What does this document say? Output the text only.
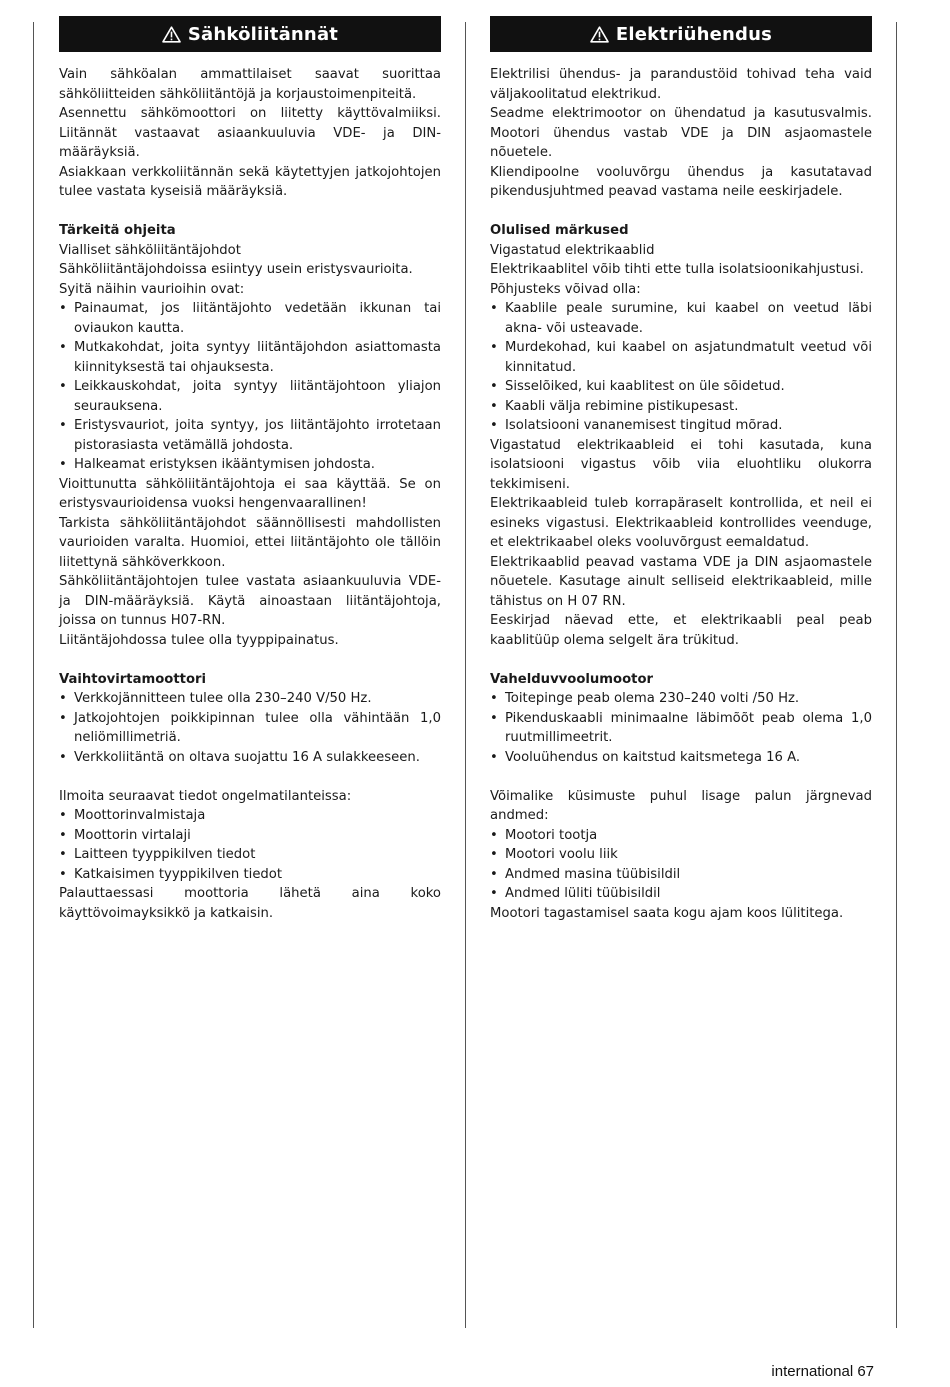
Sähköliitännät

Vain sähköalan ammattilaiset saavat suorittaa sähköliitteiden sähköliitäntöjä ja korjaustoimenpiteitä.

Asennettu sähkömoottori on liitetty käyttövalmiiksi. Liitännät vastaavat asiaankuuluvia VDE- ja DIN-määräyksiä.

Asiakkaan verkkoliitännän sekä käytettyjen jatkojohtojen tulee vastata kyseisiä määräyksiä.

Tärkeitä ohjeita

Vialliset sähköliitäntäjohdot

Sähköliitäntäjohdoissa esiintyy usein eristysvaurioita.

Syitä näihin vaurioihin ovat:

• Painaumat, jos liitäntäjohto vedetään ikkunan tai oviaukon kautta.
• Mutkakohdat, joita syntyy liitäntäjohdon asiattomasta kiinnityksestä tai ohjauksesta.
• Leikkauskohdat, joita syntyy liitäntäjohtoon yliajon seurauksena.
• Eristysvauriot, joita syntyy, jos liitäntäjohto irrotetaan pistorasiasta vetämällä johdosta.
• Halkeamat eristyksen ikääntymisen johdosta.

Vioittunutta sähköliitäntäjohtoja ei saa käyttää. Se on eristysvaurioidensa vuoksi hengenvaarallinen!

Tarkista sähköliitäntäjohdot säännöllisesti mahdollisten vaurioiden varalta. Huomioi, ettei liitäntäjohto ole tällöin liitettynä sähköverkkoon.

Sähköliitäntäjohtojen tulee vastata asiaankuuluvia VDE- ja DIN-määräyksiä. Käytä ainoastaan liitäntäjohtoja, joissa on tunnus H07-RN.

Liitäntäjohdossa tulee olla tyyppipainatus.

Vaihtovirtamoottori

• Verkkojännitteen tulee olla 230–240 V/50 Hz.
• Jatkojohtojen poikkipinnan tulee olla vähintään 1,0 neliömillimetriä.
• Verkkoliitäntä on oltava suojattu 16 A sulakkeeseen.

Ilmoita seuraavat tiedot ongelmatilanteissa:

• Moottorinvalmistaja
• Moottorin virtalaji
• Laitteen tyyppikilven tiedot
• Katkaisimen tyyppikilven tiedot

Palauttaessasi moottoria lähetä aina koko käyttövoimayksikkö ja katkaisin.

Elektriühendus

Elektrilisi ühendus- ja parandustöid tohivad teha vaid väljakoolitatud elektrikud.

Seadme elektrimootor on ühendatud ja kasutusvalmis. Mootori ühendus vastab VDE ja DIN asjaomastele nõuetele.

Kliendipoolne vooluvõrgu ühendus ja kasutatavad pikendusjuhtmed peavad vastama neile eeskirjadele.

Olulised märkused

Vigastatud elektrikaablid

Elektrikaablitel võib tihti ette tulla isolatsioonikahjustusi.

Põhjusteks võivad olla:

• Kaablile peale surumine, kui kaabel on veetud läbi akna- või usteavade.
• Murdekohad, kui kaabel on asjatundmatult veetud või kinnitatud.
• Sisselõiked, kui kaablitest on üle sõidetud.
• Kaabli välja rebimine pistikupesast.
• Isolatsiooni vananemisest tingitud mõrad.

Vigastatud elektrikaableid ei tohi kasutada, kuna isolatsiooni vigastus võib viia eluohtliku olukorra tekkimiseni.

Elektrikaableid tuleb korrapäraselt kontrollida, et neil ei esineks vigastusi. Elektrikaableid kontrollides veenduge, et elektrikaabel oleks vooluvõrgust eemaldatud.

Elektrikaablid peavad vastama VDE ja DIN asjaomastele nõuetele. Kasutage ainult selliseid elektrikaableid, mille tähistus on H 07 RN.

Eeskirjad näevad ette, et elektrikaabli peal peab kaablitüüp olema selgelt ära trükitud.

Vahelduvvoolumootor

• Toitepinge peab olema 230–240 volti /50 Hz.
• Pikenduskaabli minimaalne läbimõõt peab olema 1,0 ruutmillimeetrit.
• Vooluühendus on kaitstud kaitsmetega 16 A.

Võimalike küsimuste puhul lisage palun järgnevad andmed:

• Mootori tootja
• Mootori voolu liik
• Andmed masina tüübisildil
• Andmed lüliti tüübisildil

Mootori tagastamisel saata kogu ajam koos lülititega.

international 67
